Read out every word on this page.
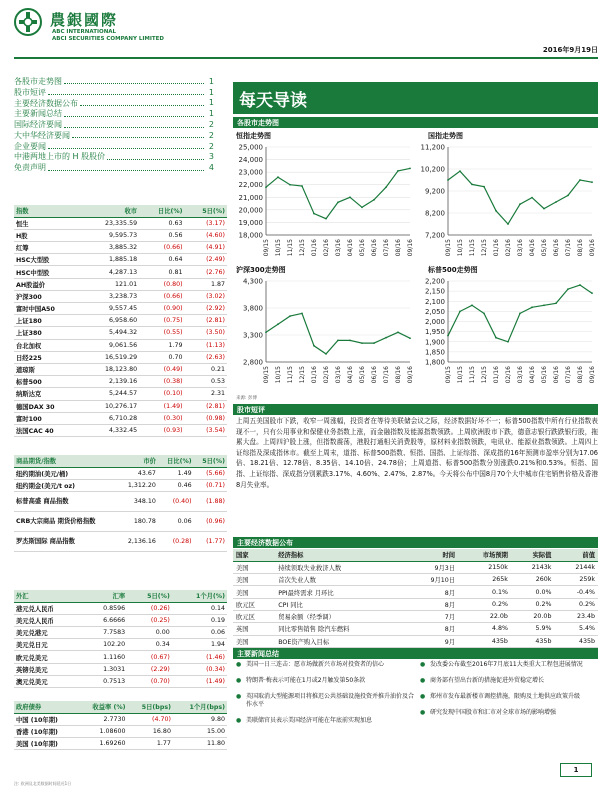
農銀國際
ABC INTERNATIONAL
ABCI SECURITIES COMPANY LIMITED
2016年9月19日
各股市走势图	1
股市短评	1
主要经济数据公布	1
主要新闻总结	1
国际经济要闻	2
大中华经济要闻	2
企业要闻	2
中港两地上市的 H 股股价	3
免责声明	4
指数	收市	日比(%)	5日(%)
恒生	23,335.59	0.63	(3.17)
H股	9,595.73	0.56	(4.60)
红筹	3,885.32	(0.66)	(4.91)
HSC大型股	1,885.18	0.64	(2.49)
HSC中型股	4,287.13	0.81	(2.76)
AH股溢价	121.01	(0.80)	1.87
沪深300	3,238.73	(0.66)	(3.02)
富时中国A50	9,557.45	(0.90)	(2.92)
上证180	6,958.60	(0.75)	(2.81)
上证380	5,494.32	(0.55)	(3.50)
台北加权	9,061.56	1.79	(1.13)
日经225	16,519.29	0.70	(2.63)
道琼斯	18,123.80	(0.49)	0.21
标普500	2,139.16	(0.38)	0.53
纳斯达克	5,244.57	(0.10)	2.31
德国DAX 30	10,276.17	(1.49)	(2.81)
富时100	6,710.28	(0.30)	(0.98)
法国CAC 40	4,332.45	(0.93)	(3.54)
商品期货/指数	市价	日比(%)	5日(%)
纽约期油(美元/桶)	43.67	1.49	(5.66)
纽约期金(美元/t oz)	1,312.20	0.46	(0.71)
标普高盛 商品指数	348.10	(0.40)	(1.88)
CRB大宗商品 期货价格指数	180.78	0.06	(0.96)
罗杰斯国际 商品指数	2,136.16	(0.28)	(1.77)
外汇	汇率	5日(%)	1个月(%)
港元兑人民币	0.8596	(0.26)	0.14
美元兑人民币	6.6666	(0.25)	0.19
美元兑港元	7.7583	0.00	0.06
美元兑日元	102.20	0.34	1.94
欧元兑美元	1.1160	(0.67)	(1.46)
英镑兑美元	1.3031	(2.29)	(0.34)
澳元兑美元	0.7513	(0.70)	(1.49)
政府债券	收益率 (%)	5日(bps)	1个月(bps)
中国 (10年期)	2.7730	(4.70)	9.80
香港 (10年期)	1.08600	16.80	15.00
美国 (10年期)	1.69260	1.77	11.80
每天导读
各股市走势图
恒指走势图	国指走势图
沪深300走势图	标普500走势图
25,000
24,000
23,000
22,000
21,000
20,000
19,000
18,000
09/15 10/15 11/15 12/15 01/16 02/16 03/16 04/16 05/16 06/16 07/16 08/16 09/16
11,200
10,200
9,200
8,200
7,200
09/15 10/15 11/15 12/15 01/16 02/16 03/16 04/16 05/16 06/16 07/16 08/16 09/16
4,300
3,800
3,300
2,800
09/15 10/15 11/15 12/15 01/16 02/16 03/16 04/16 05/16 06/16 07/16 08/16 09/16
2,200
2,150
2,100
2,050
2,000
1,950
1,900
1,850
1,800
09/15 10/15 11/15 12/15 01/16 02/16 03/16 04/16 05/16 06/16 07/16 08/16 09/16
来源: 彭博
股市短评
上周五美国股市下跌，收窄一周涨幅，投资者在等待美联储会议之际，经济数据好坏不一；标普500指数中所有行业指数表现不一，只有公用事业和保健业务指数上涨，而金融指数及能源指数领跌。上周欧洲股市下跌，德意志银行跌跌银行股，拖累大盘。上周四沪股上涨，但指数震荡，港股打通相关消费股等，原材料业指数领跌，电讯业、能源业指数领跌。上周四上证综指及深成指休市。截至上周末，道指、标普500指数、恒指、国指、上证综指、深成指的16年预测市盈率分别为17.06倍、18.21倍、12.78倍、8.35倍、14.10倍、24.78倍；上周道指、标普500指数分别涨跌0.21%和0.53%。恒指、国指、上证综指、深成指分别累跌3.17%、4.60%、2.47%、2.87%。今天将公布中国8月70个大中城市住宅销售价格及香港8月失业率。
主要经济数据公布
国家	经济指标	时间	市场预期	实际值	前值
美国	持续领取失业救济人数	9月3日	2150k	2143k	2144k
美国	首次失业人数	9月10日	265k	260k	259k
美国	PPI最终需求 月环比	8月	0.1%	0.0%	-0.4%
欧元区	CPI 同比	8月	0.2%	0.2%	0.2%
欧元区	贸易余额（经季调）	7月	22.0b	20.0b	23.4b
英国	同比零售销售 除汽车燃料	8月	4.8%	5.9%	5.4%
美国	BOE资产购入目标	9月	435b	435b	435b
主要新闻总结
● 美国一日三连击：愿市场做新兴市场对投资者的信心
● 特朗普·梅表示可能在1月或2月触发第50条款
● 英国取消大型能源项目将推迟公共基础设施投资并推升油价及合作水平
● 美联储官员表示美国经济可能在年底前实现加息
● 发改委公布截至2016年7月底11大类重大工程包进展情况
● 商务部有望出台新的措施促进外贸稳定增长
● 郑州市发布最新楼市调控措施，限购及土地供应政策升级
● 研究发现中国股市和汇市对全球市场的影响增强
1
注: 欧洲及北美数据时间延迟1日
